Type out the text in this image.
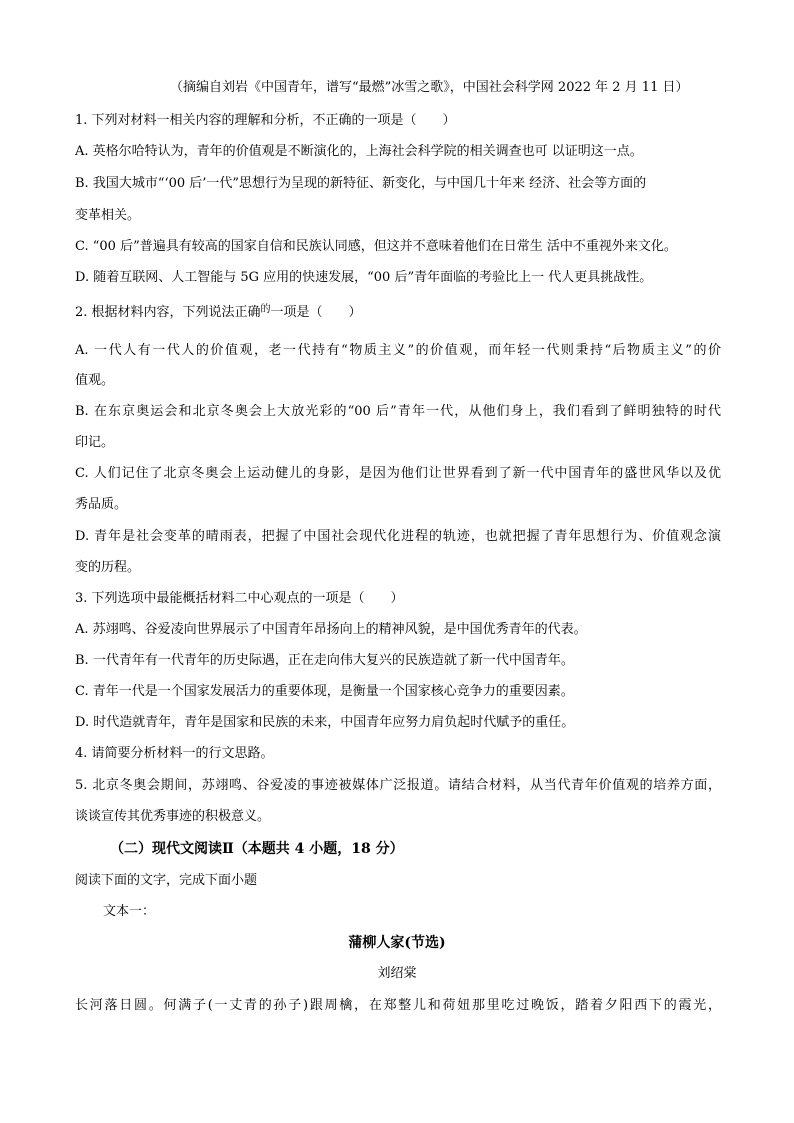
（摘编自刘岩《中国青年，谱写“最燃”冰雪之歌》，中国社会科学网 2022 年 2 月 11 日）
1. 下列对材料一相关内容的理解和分析，不正确的一项是（　　）
A. 英格尔哈特认为，青年的价值观是不断演化的，上海社会科学院的相关调查也可 以证明这一点。
B. 我国大城市“‘00 后’一代”思想行为呈现的新特征、新变化，与中国几十年来 经济、社会等方面的
变革相关。
C. “00 后”普遍具有较高的国家自信和民族认同感，但这并不意味着他们在日常生 活中不重视外来文化。
D. 随着互联网、人工智能与 5G 应用的快速发展，“00 后”青年面临的考验比上一 代人更具挑战性。
2. 根据材料内容，下列说法正确$^的$一项是（　　）
A. 一代人有一代人的价值观，老一代持有“物质主义”的价值观，而年轻一代则秉持“后物质主义”的价
值观。
B. 在东京奥运会和北京冬奥会上大放光彩的“00 后”青年一代，从他们身上，我们看到了鲜明独特的时代
印记。
C. 人们记住了北京冬奥会上运动健儿的身影，是因为他们让世界看到了新一代中国青年的盛世风华以及优
秀品质。
D. 青年是社会变革的晴雨表，把握了中国社会现代化进程的轨迹，也就把握了青年思想行为、价值观念演
变的历程。
3. 下列选项中最能概括材料二中心观点的一项是（　　）
A. 苏翊鸣、谷爱凌向世界展示了中国青年昂扬向上的精神风貌，是中国优秀青年的代表。
B. 一代青年有一代青年的历史际遇，正在走向伟大复兴的民族造就了新一代中国青年。
C. 青年一代是一个国家发展活力的重要体现，是衡量一个国家核心竞争力的重要因素。
D. 时代造就青年，青年是国家和民族的未来，中国青年应努力肩负起时代赋予的重任。
4. 请简要分析材料一的行文思路。
5. 北京冬奥会期间，苏翊鸣、谷爱凌的事迹被媒体广泛报道。请结合材料，从当代青年价值观的培养方面，
谈谈宣传其优秀事迹的积极意义。
（二）现代文阅读Ⅱ（本题共 4 小题，18 分）
阅读下面的文字，完成下面小题
文本一：
蒲柳人家(节选)
刘绍棠
长河落日圆。何满子(一丈青的孙子)跟周檎，在郑整儿和荷妞那里吃过晚饭，踏着夕阳西下的霞光，
